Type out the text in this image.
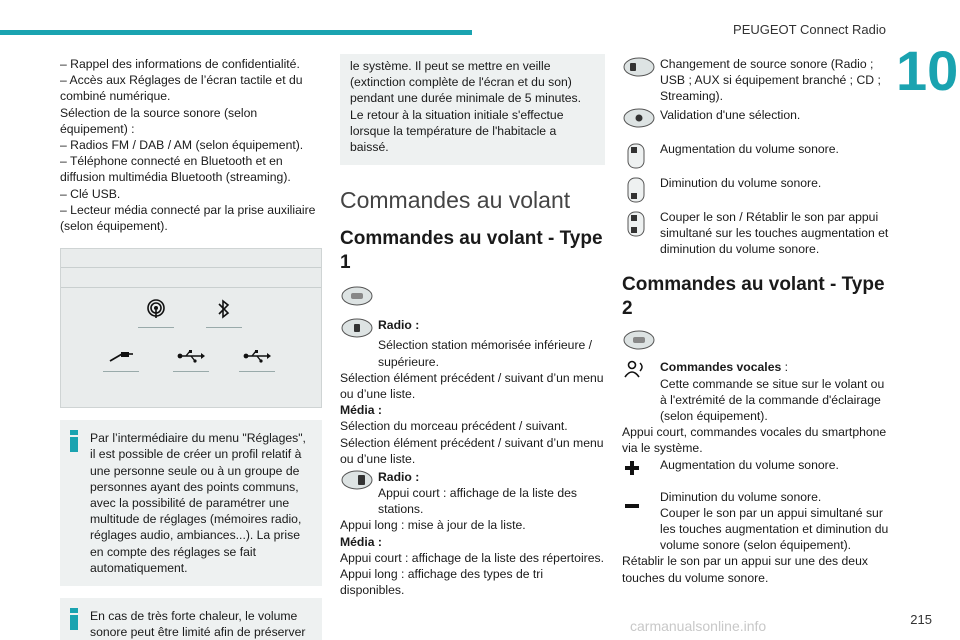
PEUGEOT Connect Radio
10

– Rappel des informations de confidentialité.

– Accès aux Réglages de l’écran tactile et du combiné numérique.

Sélection de la source sonore (selon équipement) :

– Radios FM / DAB / AM (selon équipement).

– Téléphone connecté en Bluetooth et en diffusion multimédia Bluetooth (streaming).

– Clé USB.

– Lecteur média connecté par la prise auxiliaire (selon équipement).

Par l’intermédiaire du menu "Réglages", il est possible de créer un profil relatif à une personne seule ou à un groupe de personnes ayant des points communs, avec la possibilité de paramétrer une multitude de réglages (mémoires radio, réglages audio, ambiances...). La prise en compte des réglages se fait automatiquement.

En cas de très forte chaleur, le volume sonore peut être limité afin de préserver

le système. Il peut se mettre en veille (extinction complète de l'écran et du son) pendant une durée minimale de 5 minutes.

Le retour à la situation initiale s'effectue lorsque la température de l'habitacle a baissé.

Commandes au volant
Commandes au volant - Type 1

Radio :

Sélection station mémorisée inférieure / supérieure.

Sélection élément précédent / suivant d’un menu ou d’une liste.

Média :

Sélection du morceau précédent / suivant.

Sélection élément précédent / suivant d’un menu ou d’une liste.

Radio :

Appui court : affichage de la liste des stations.

Appui long : mise à jour de la liste.

Média :

Appui court : affichage de la liste des répertoires.

Appui long : affichage des types de tri disponibles.

Changement de source sonore (Radio ; USB ; AUX si équipement branché ; CD ; Streaming).

Validation d'une sélection.

Augmentation du volume sonore.

Diminution du volume sonore.

Couper le son / Rétablir le son par appui simultané sur les touches augmentation et diminution du volume sonore.

Commandes au volant - Type 2

Commandes vocales :

Cette commande se situe sur le volant ou à l'extrémité de la commande d'éclairage (selon équipement).

Appui court, commandes vocales du smartphone via le système.

Augmentation du volume sonore.

Diminution du volume sonore.

Couper le son par un appui simultané sur les touches augmentation et diminution du volume sonore (selon équipement).

Rétablir le son par un appui sur une des deux touches du volume sonore.

carmanualsonline.info	215
